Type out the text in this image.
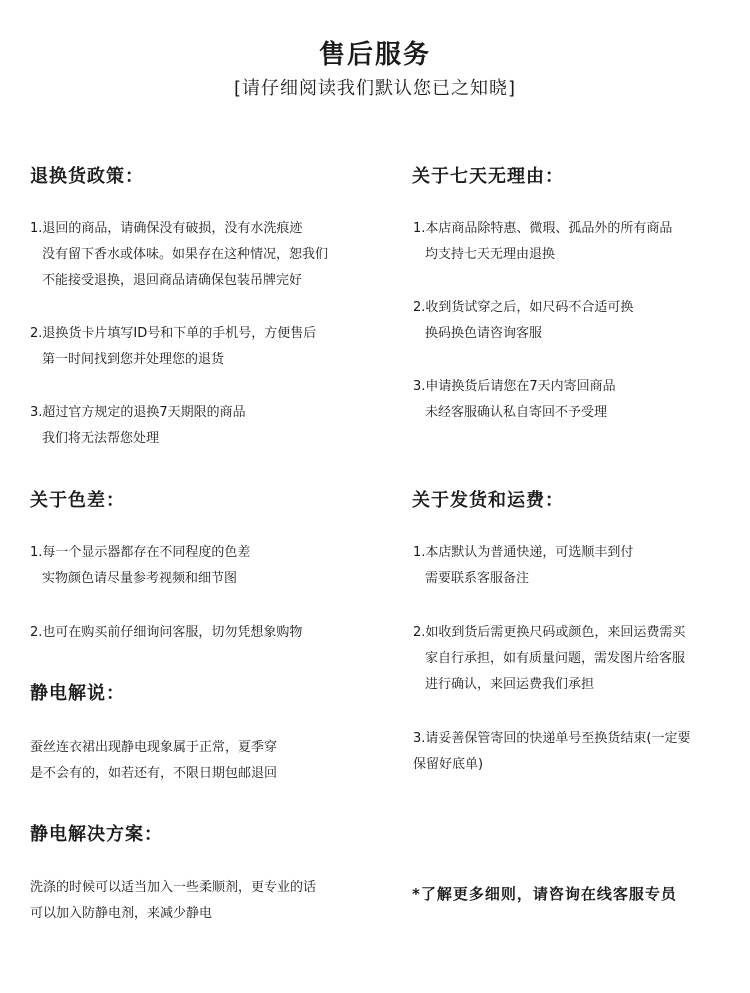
售后服务
[请仔细阅读我们默认您已之知晓]
退换货政策：
1.退回的商品，请确保没有破损，没有水洗痕迹
没有留下香水或体味。如果存在这种情况，恕我们
不能接受退换，退回商品请确保包装吊牌完好
2.退换货卡片填写ID号和下单的手机号，方便售后
第一时间找到您并处理您的退货
3.超过官方规定的退换7天期限的商品
我们将无法帮您处理
关于色差：
1.每一个显示器都存在不同程度的色差
实物颜色请尽量参考视频和细节图
2.也可在购买前仔细询问客服，切勿凭想象购物
静电解说：
蚕丝连衣裙出现静电现象属于正常，夏季穿
是不会有的，如若还有，不限日期包邮退回
静电解决方案：
洗涤的时候可以适当加入一些柔顺剂，更专业的话
可以加入防静电剂，来减少静电
关于七天无理由：
1.本店商品除特惠、微瑕、孤品外的所有商品
均支持七天无理由退换
2.收到货试穿之后，如尺码不合适可换
换码换色请咨询客服
3.申请换货后请您在7天内寄回商品
未经客服确认私自寄回不予受理
关于发货和运费：
1.本店默认为普通快递，可选顺丰到付
需要联系客服备注
2.如收到货后需更换尺码或颜色，来回运费需买
家自行承担，如有质量问题，需发图片给客服
进行确认，来回运费我们承担
3.请妥善保管寄回的快递单号至换货结束(一定要
保留好底单)
*了解更多细则，请咨询在线客服专员
